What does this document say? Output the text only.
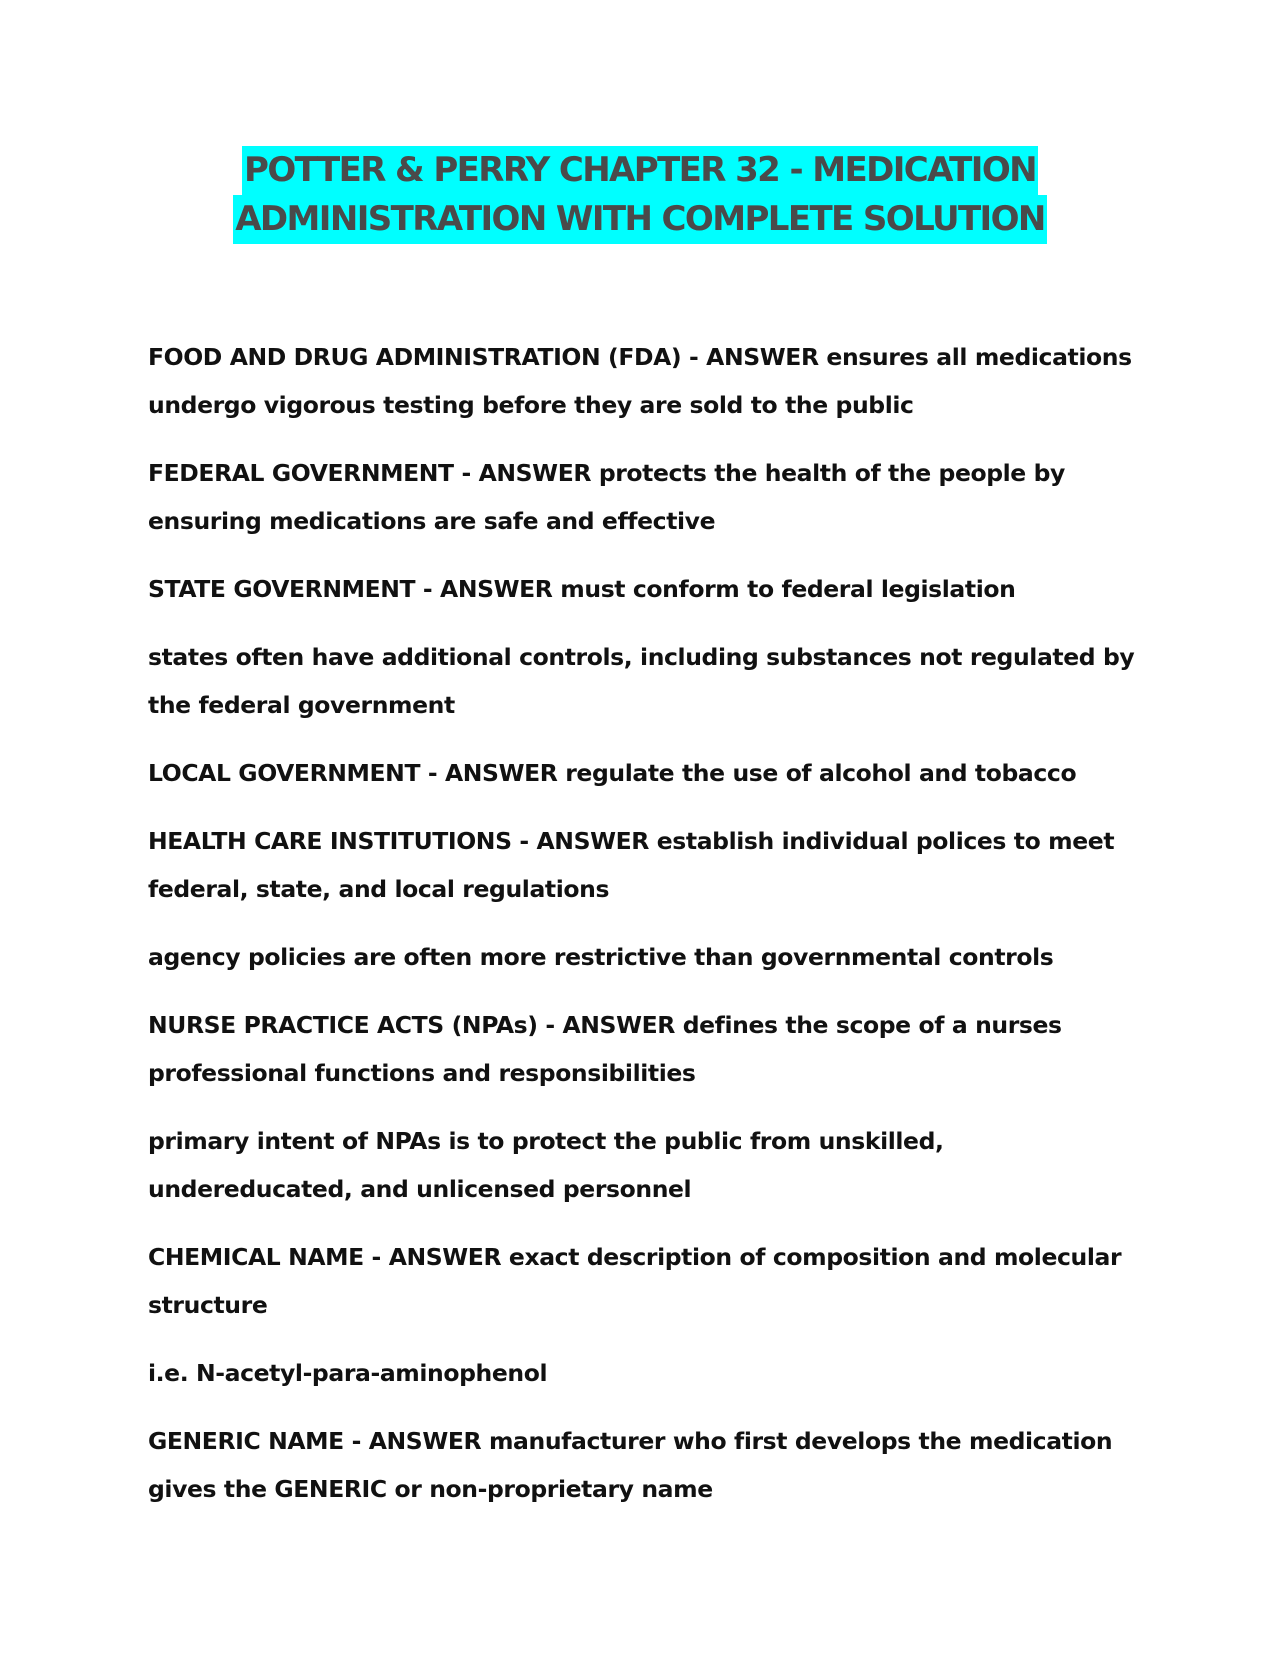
POTTER & PERRY CHAPTER 32 - MEDICATION
ADMINISTRATION WITH COMPLETE SOLUTION

FOOD AND DRUG ADMINISTRATION (FDA) - ANSWER ensures all medications undergo vigorous testing before they are sold to the public

FEDERAL GOVERNMENT - ANSWER protects the health of the people by ensuring medications are safe and effective

STATE GOVERNMENT - ANSWER must conform to federal legislation

states often have additional controls, including substances not regulated by the federal government

LOCAL GOVERNMENT - ANSWER regulate the use of alcohol and tobacco

HEALTH CARE INSTITUTIONS - ANSWER establish individual polices to meet federal, state, and local regulations

agency policies are often more restrictive than governmental controls

NURSE PRACTICE ACTS (NPAs) - ANSWER defines the scope of a nurses professional functions and responsibilities

primary intent of NPAs is to protect the public from unskilled, undereducated, and unlicensed personnel

CHEMICAL NAME - ANSWER exact description of composition and molecular structure

i.e. N-acetyl-para-aminophenol

GENERIC NAME - ANSWER manufacturer who first develops the medication gives the GENERIC or non-proprietary name
